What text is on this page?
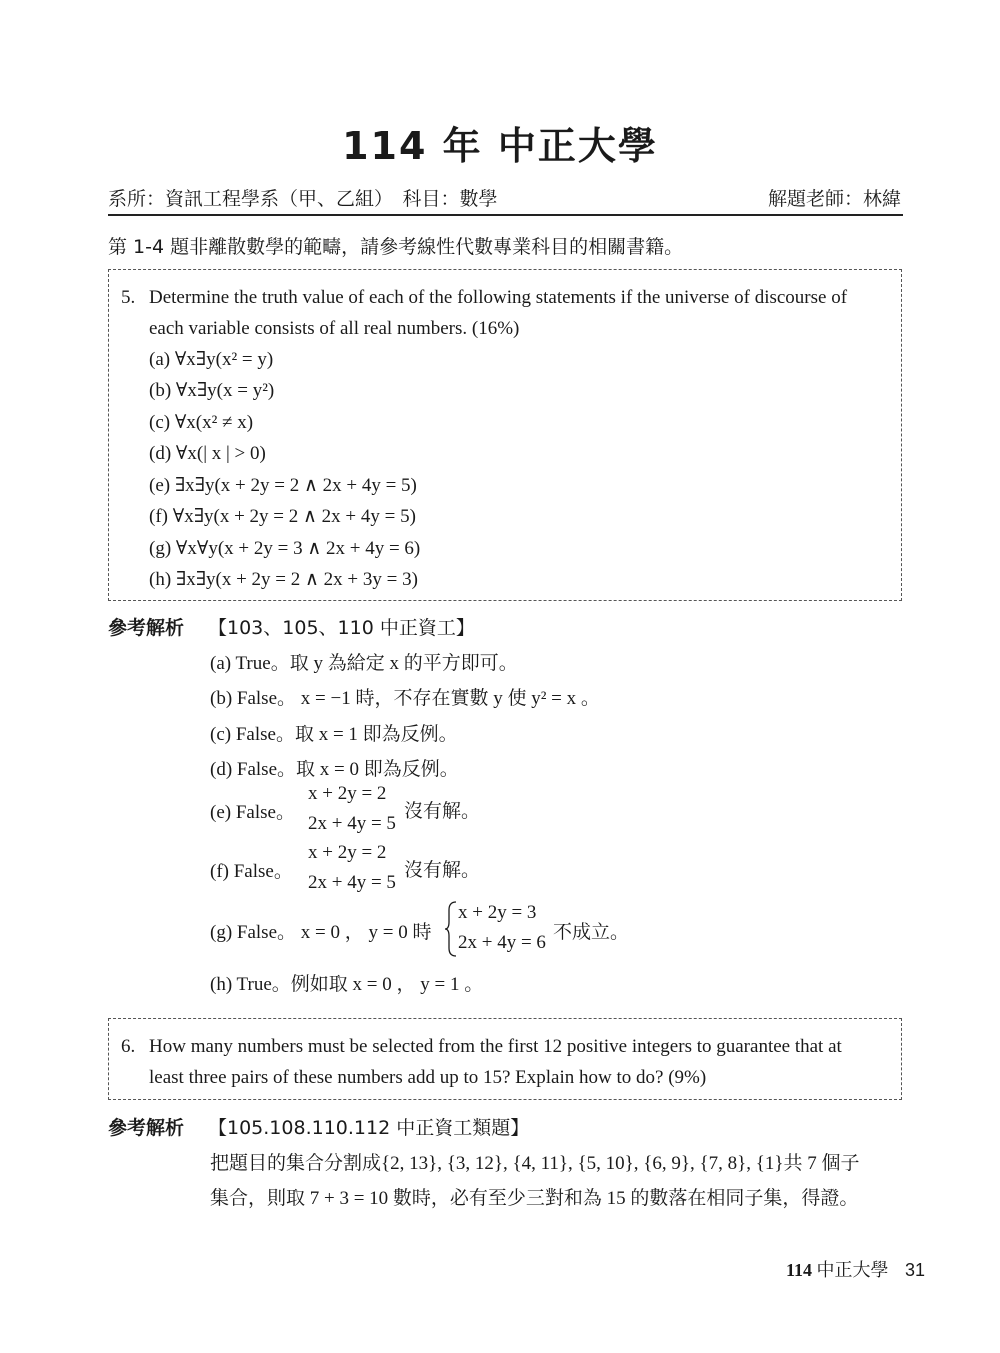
114 年 中正大學
系所：資訊工程學系（甲、乙組）　科目：數學	解題老師：林緯
第 1-4 題非離散數學的範疇，請參考線性代數專業科目的相關書籍。
5. Determine the truth value of each of the following statements if the universe of discourse of
each variable consists of all real numbers. (16%)
(a) ∀x∃y(x² = y)
(b) ∀x∃y(x = y²)
(c) ∀x(x² ≠ x)
(d) ∀x(| x | > 0)
(e) ∃x∃y(x + 2y = 2 ∧ 2x + 4y = 5)
(f) ∀x∃y(x + 2y = 2 ∧ 2x + 4y = 5)
(g) ∀x∀y(x + 2y = 3 ∧ 2x + 4y = 6)
(h) ∃x∃y(x + 2y = 2 ∧ 2x + 3y = 3)
參考解析 【103、105、110 中正資工】
(a) True。取 y 為給定 x 的平方即可。
(b) False。 x = −1 時，不存在實數 y 使 y² = x 。
(c) False。取 x = 1 即為反例。
(d) False。取 x = 0 即為反例。
(e) False。
x + 2y = 2
2x + 4y = 5
沒有解。
(f) False。
x + 2y = 2
2x + 4y = 5
沒有解。
(g) False。 x = 0 ， y = 0 時
x + 2y = 3
2x + 4y = 6 不成立。
(h) True。例如取 x = 0 ， y = 1 。
6. How many numbers must be selected from the first 12 positive integers to guarantee that at
least three pairs of these numbers add up to 15? Explain how to do? (9%)
參考解析 【105.108.110.112 中正資工類題】
把題目的集合分割成{2, 13}, {3, 12}, {4, 11}, {5, 10}, {6, 9}, {7, 8}, {1}共 7 個子
集合，則取 7 + 3 = 10 數時，必有至少三對和為 15 的數落在相同子集，得證。
114 中正大學 31
